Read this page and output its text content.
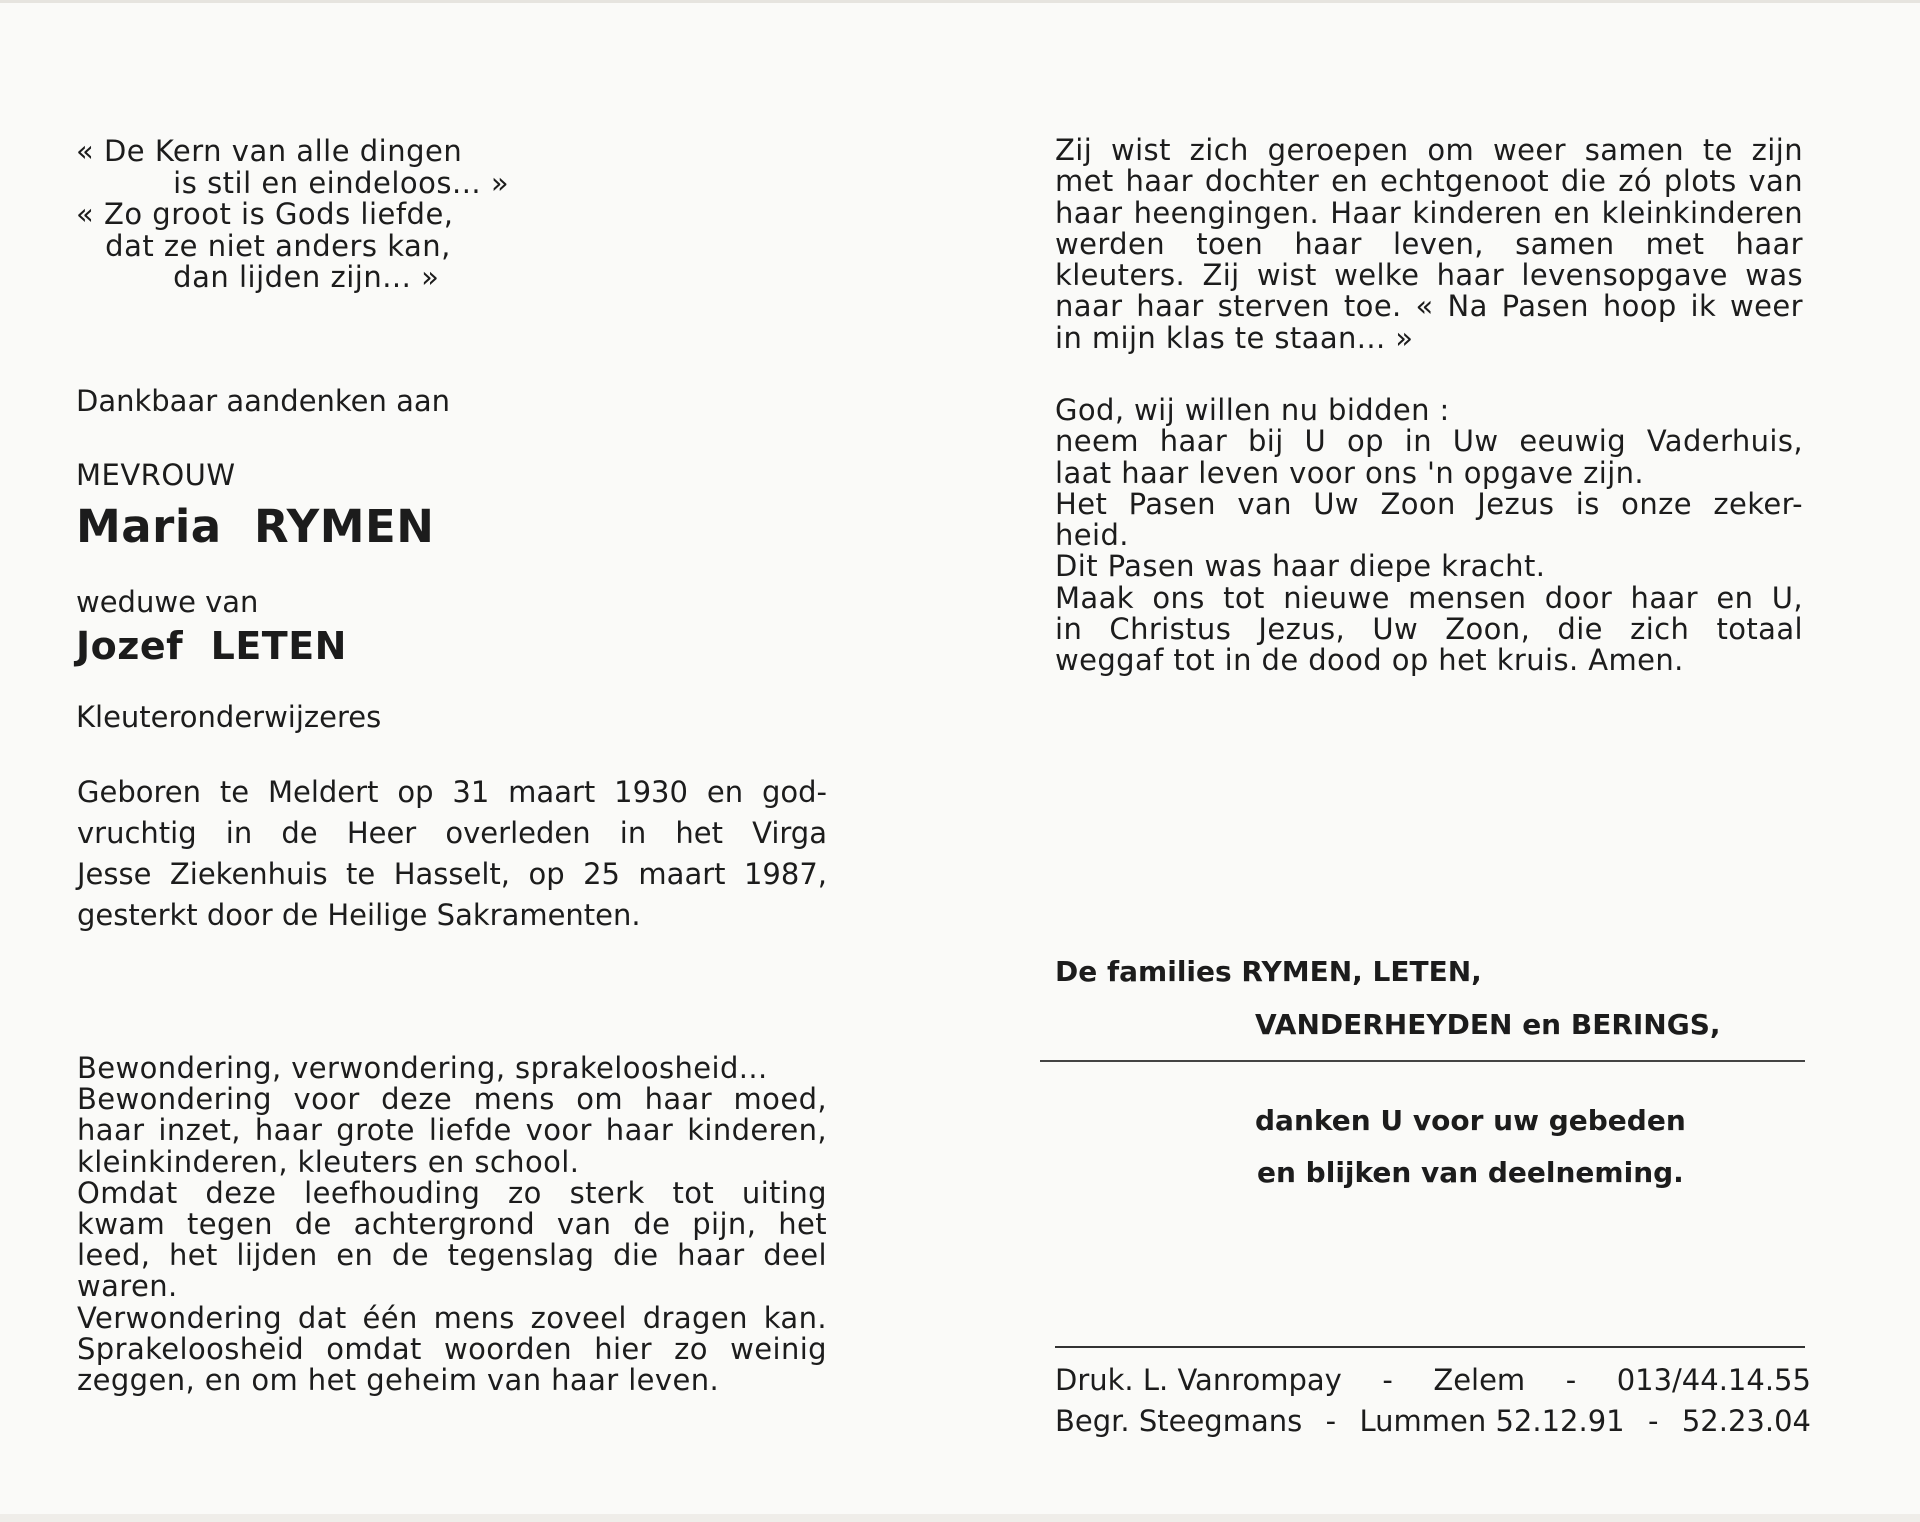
« De Kern van alle dingen

is stil en eindeloos... »

« Zo groot is Gods liefde,

dat ze niet anders kan,

dan lijden zijn... »

Dankbaar aandenken aan
MEVROUW
Maria  RYMEN
weduwe van
Jozef  LETEN
Kleuteronderwijzeres
Geboren te Meldert op 31 maart 1930 en god-
vruchtig in de Heer overleden in het Virga
Jesse Ziekenhuis te Hasselt, op 25 maart 1987,
gesterkt door de Heilige Sakramenten.
Bewondering, verwondering, sprakeloosheid...
Bewondering voor deze mens om haar moed,
haar inzet, haar grote liefde voor haar kinderen,
kleinkinderen, kleuters en school.
Omdat deze leefhouding zo sterk tot uiting
kwam tegen de achtergrond van de pijn, het
leed, het lijden en de tegenslag die haar deel
waren.
Verwondering dat één mens zoveel dragen kan.
Sprakeloosheid omdat woorden hier zo weinig
zeggen, en om het geheim van haar leven.
Zij wist zich geroepen om weer samen te zijn
met haar dochter en echtgenoot die zó plots van
haar heengingen. Haar kinderen en kleinkinderen
werden toen haar leven, samen met haar
kleuters. Zij wist welke haar levensopgave was
naar haar sterven toe. « Na Pasen hoop ik weer
in mijn klas te staan... »
God, wij willen nu bidden :
neem haar bij U op in Uw eeuwig Vaderhuis,
laat haar leven voor ons 'n opgave zijn.
Het Pasen van Uw Zoon Jezus is onze zeker-
heid.
Dit Pasen was haar diepe kracht.
Maak ons tot nieuwe mensen door haar en U,
in Christus Jezus, Uw Zoon, die zich totaal
weggaf tot in de dood op het kruis. Amen.
De families RYMEN, LETEN,
VANDERHEYDEN en BERINGS,
danken U voor uw gebeden
en blijken van deelneming.
Druk. L. Vanrompay - Zelem - 013/44.14.55
Begr. Steegmans - Lummen 52.12.91 - 52.23.04
